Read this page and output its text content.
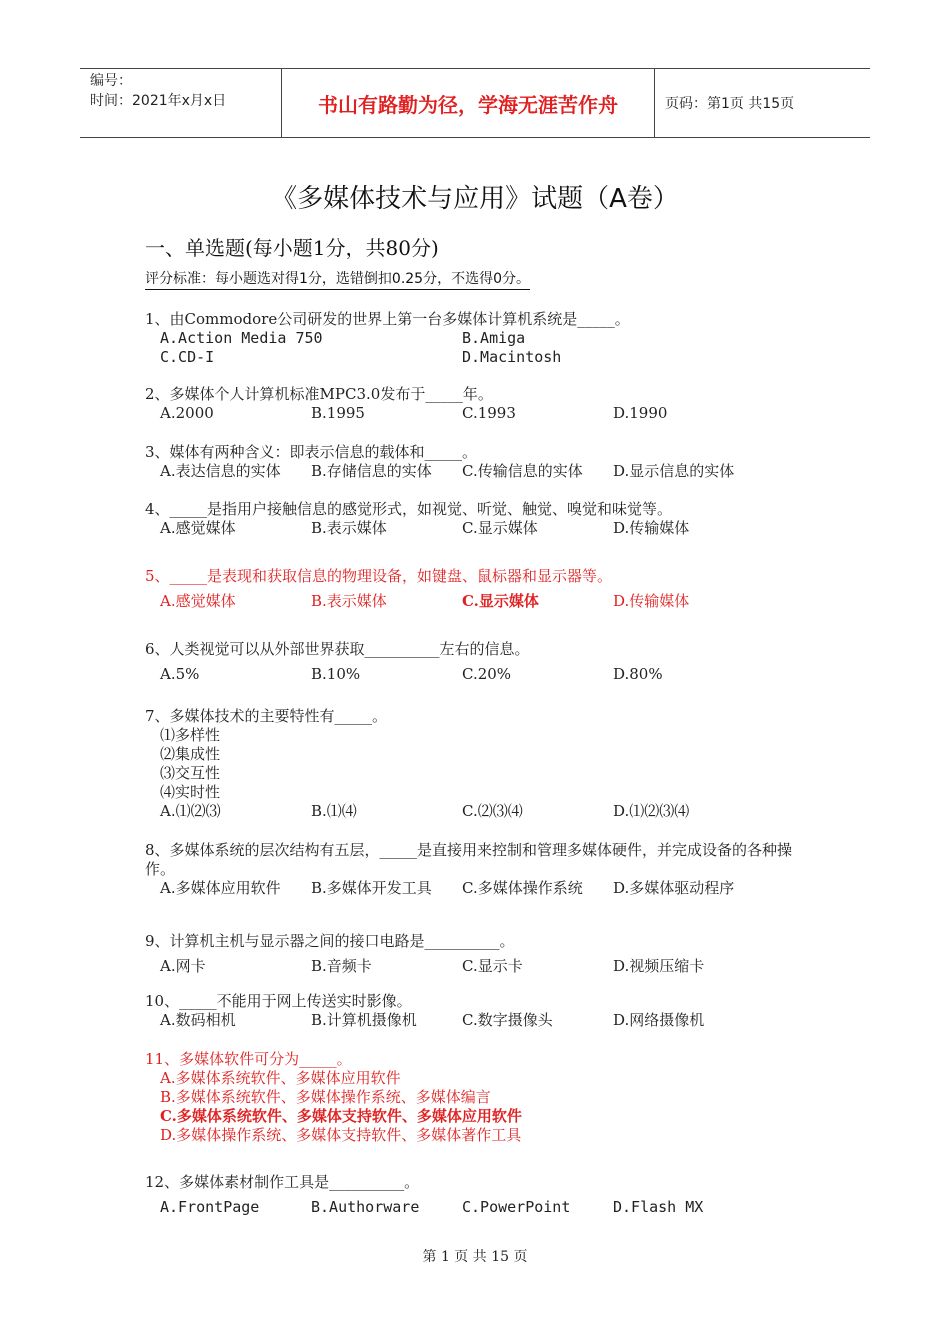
编号：
时间：2021年x月x日	书山有路勤为径，学海无涯苦作舟	页码：第1页 共15页
《多媒体技术与应用》试题（A卷）
一、单选题(每小题1分，共80分)
评分标准：每小题选对得1分，选错倒扣0.25分，不选得0分。
1、由Commodore公司研发的世界上第一台多媒体计算机系统是_____。
A.Action Media 750	B.Amiga
C.CD-I	D.Macintosh
2、多媒体个人计算机标准MPC3.0发布于_____年。
A.2000	B.1995	C.1993	D.1990
3、媒体有两种含义：即表示信息的载体和_____。
A.表达信息的实体	B.存储信息的实体	C.传输信息的实体	D.显示信息的实体
4、_____是指用户接触信息的感觉形式，如视觉、听觉、触觉、嗅觉和味觉等。
A.感觉媒体	B.表示媒体	C.显示媒体	D.传输媒体
5、_____是表现和获取信息的物理设备，如键盘、鼠标器和显示器等。
A.感觉媒体	B.表示媒体	C.显示媒体	D.传输媒体
6、人类视觉可以从外部世界获取__________左右的信息。
A.5%	B.10%	C.20%	D.80%
7、多媒体技术的主要特性有_____。
⑴多样性
⑵集成性
⑶交互性
⑷实时性
A.⑴⑵⑶	B.⑴⑷	C.⑵⑶⑷	D.⑴⑵⑶⑷
8、多媒体系统的层次结构有五层，_____是直接用来控制和管理多媒体硬件，并完成设备的各种操作。
A.多媒体应用软件	B.多媒体开发工具	C.多媒体操作系统	D.多媒体驱动程序
9、计算机主机与显示器之间的接口电路是__________。
A.网卡	B.音频卡	C.显示卡	D.视频压缩卡
10、_____不能用于网上传送实时影像。
A.数码相机	B.计算机摄像机	C.数字摄像头	D.网络摄像机
11、多媒体软件可分为_____。
A.多媒体系统软件、多媒体应用软件
B.多媒体系统软件、多媒体操作系统、多媒体编言
C.多媒体系统软件、多媒体支持软件、多媒体应用软件
D.多媒体操作系统、多媒体支持软件、多媒体著作工具
12、多媒体素材制作工具是__________。
A.FrontPage	B.Authorware	C.PowerPoint	D.Flash MX
第 1 页 共 15 页
